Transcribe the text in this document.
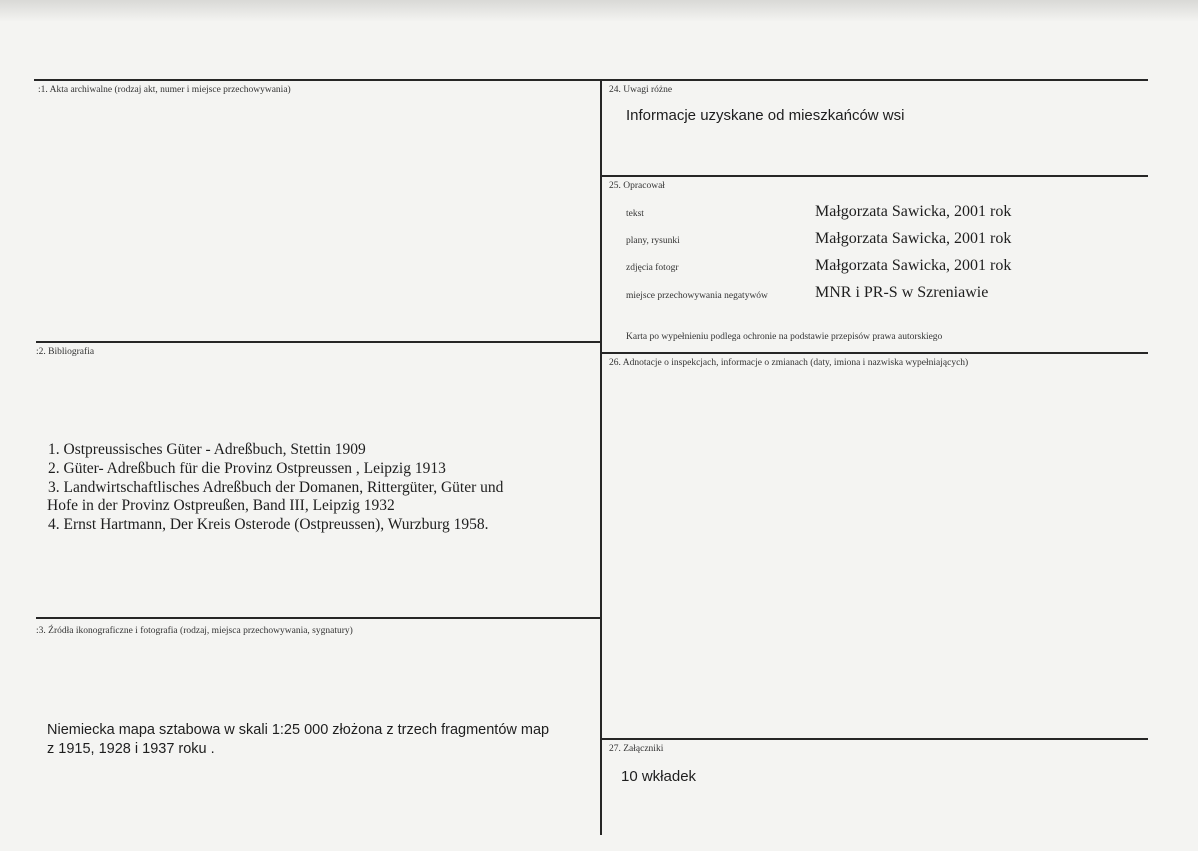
:1. Akta archiwalne (rodzaj akt, numer i miejsce przechowywania)
:2. Bibliografia
1. Ostpreussisches Güter - Adreßbuch, Stettin 1909
2. Güter- Adreßbuch für die Provinz Ostpreussen , Leipzig 1913
3. Landwirtschaftlisches Adreßbuch der Domanen, Rittergüter, Güter und
Hofe in der Provinz Ostpreußen, Band III, Leipzig 1932
4. Ernst Hartmann, Der Kreis Osterode (Ostpreussen), Wurzburg 1958.
:3. Źródła ikonograficzne i fotografia (rodzaj, miejsca przechowywania, sygnatury)
Niemiecka mapa sztabowa w skali 1:25 000 złożona z trzech fragmentów map
z 1915, 1928 i 1937 roku .
24. Uwagi różne
Informacje uzyskane od mieszkańców wsi
25. Opracował
tekst	Małgorzata Sawicka, 2001 rok
plany, rysunki	Małgorzata Sawicka, 2001 rok
zdjęcia fotogr	Małgorzata Sawicka, 2001 rok
miejsce przechowywania negatywów	MNR i PR-S w Szreniawie
Karta po wypełnieniu podlega ochronie na podstawie przepisów prawa autorskiego
26. Adnotacje o inspekcjach, informacje o zmianach (daty, imiona i nazwiska wypełniających)
27. Załączniki
10 wkładek
